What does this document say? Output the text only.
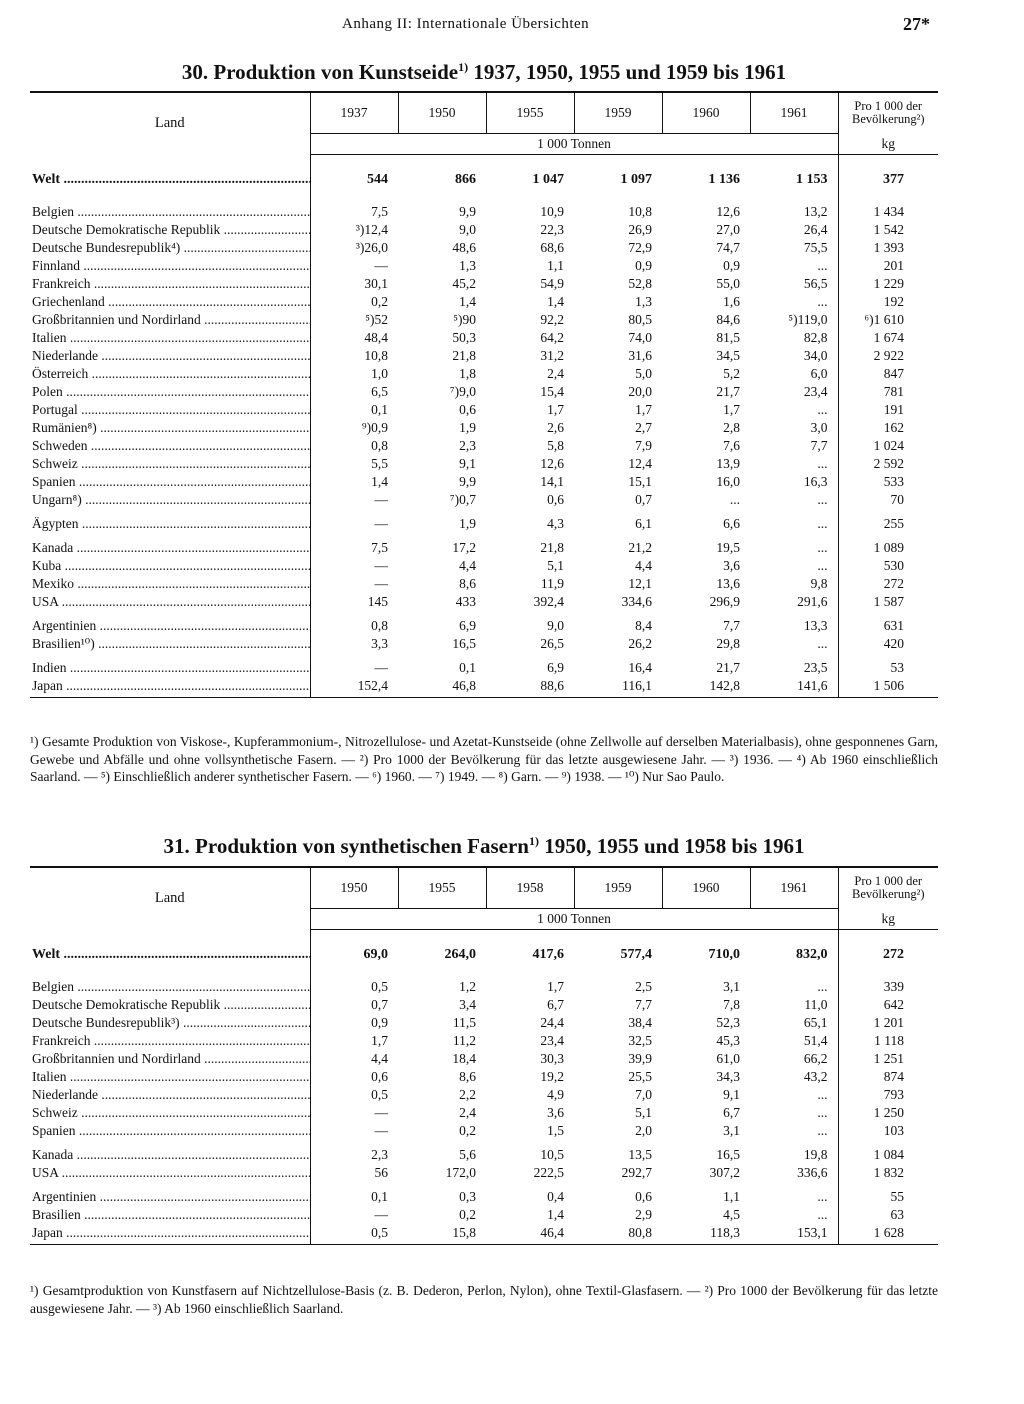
Anhang II: Internationale Übersichten	27*
30. Produktion von Kunstseide$^{1)}$ 1937, 1950, 1955 und 1959 bis 1961
Land	1937	1950	1955	1959	1960	1961	Pro 1 000 der Bevölkerung²)
	1 000 Tonnen						kg
Welt .....	544	866	1 047	1 097	1 136	1 153	377
Belgien .....	7,5	9,9	10,9	10,8	12,6	13,2	1 434
Deutsche Demokratische Republik .....	³)12,4	9,0	22,3	26,9	27,0	26,4	1 542
Deutsche Bundesrepublik⁴) .....	³)26,0	48,6	68,6	72,9	74,7	75,5	1 393
Finnland .....	—	1,3	1,1	0,9	0,9	...	201
Frankreich .....	30,1	45,2	54,9	52,8	55,0	56,5	1 229
Griechenland .....	0,2	1,4	1,4	1,3	1,6	...	192
Großbritannien und Nordirland .....	⁵)52	⁵)90	92,2	80,5	84,6	⁵)119,0	⁶)1 610
Italien .....	48,4	50,3	64,2	74,0	81,5	82,8	1 674
Niederlande .....	10,8	21,8	31,2	31,6	34,5	34,0	2 922
Österreich .....	1,0	1,8	2,4	5,0	5,2	6,0	847
Polen .....	6,5	⁷)9,0	15,4	20,0	21,7	23,4	781
Portugal .....	0,1	0,6	1,7	1,7	1,7	...	191
Rumänien⁸) .....	⁹)0,9	1,9	2,6	2,7	2,8	3,0	162
Schweden .....	0,8	2,3	5,8	7,9	7,6	7,7	1 024
Schweiz .....	5,5	9,1	12,6	12,4	13,9	...	2 592
Spanien .....	1,4	9,9	14,1	15,1	16,0	16,3	533
Ungarn⁸) .....	—	⁷)0,7	0,6	0,7	...	...	70
Ägypten .....	—	1,9	4,3	6,1	6,6	...	255
Kanada .....	7,5	17,2	21,8	21,2	19,5	...	1 089
Kuba .....	—	4,4	5,1	4,4	3,6	...	530
Mexiko .....	—	8,6	11,9	12,1	13,6	9,8	272
USA .....	145	433	392,4	334,6	296,9	291,6	1 587
Argentinien .....	0,8	6,9	9,0	8,4	7,7	13,3	631
Brasilien¹⁰) .....	3,3	16,5	26,5	26,2	29,8	...	420
Indien .....	—	0,1	6,9	16,4	21,7	23,5	53
Japan .....	152,4	46,8	88,6	116,1	142,8	141,6	1 506
¹) Gesamte Produktion von Viskose-, Kupferammonium-, Nitrozellulose- und Azetat-Kunstseide (ohne Zellwolle auf derselben Materialbasis), ohne gesponnenes Garn, Gewebe und Abfälle und ohne vollsynthetische Fasern. — ²) Pro 1000 der Bevölkerung für das letzte ausgewiesene Jahr. — ³) 1936. — ⁴) Ab 1960 einschließlich Saarland. — ⁵) Einschließlich anderer synthetischer Fasern. — ⁶) 1960. — ⁷) 1949. — ⁸) Garn. — ⁹) 1938. — ¹⁰) Nur Sao Paulo.
31. Produktion von synthetischen Fasern$^{1)}$ 1950, 1955 und 1958 bis 1961
Land	1950	1955	1958	1959	1960	1961	Pro 1 000 der Bevölkerung²)
	1 000 Tonnen						kg
Welt .....	69,0	264,0	417,6	577,4	710,0	832,0	272
Belgien .....	0,5	1,2	1,7	2,5	3,1	...	339
Deutsche Demokratische Republik .....	0,7	3,4	6,7	7,7	7,8	11,0	642
Deutsche Bundesrepublik³) .....	0,9	11,5	24,4	38,4	52,3	65,1	1 201
Frankreich .....	1,7	11,2	23,4	32,5	45,3	51,4	1 118
Großbritannien und Nordirland .....	4,4	18,4	30,3	39,9	61,0	66,2	1 251
Italien .....	0,6	8,6	19,2	25,5	34,3	43,2	874
Niederlande .....	0,5	2,2	4,9	7,0	9,1	...	793
Schweiz .....	—	2,4	3,6	5,1	6,7	...	1 250
Spanien .....	—	0,2	1,5	2,0	3,1	...	103
Kanada .....	2,3	5,6	10,5	13,5	16,5	19,8	1 084
USA .....	56	172,0	222,5	292,7	307,2	336,6	1 832
Argentinien .....	0,1	0,3	0,4	0,6	1,1	...	55
Brasilien .....	—	0,2	1,4	2,9	4,5	...	63
Japan .....	0,5	15,8	46,4	80,8	118,3	153,1	1 628
¹) Gesamtproduktion von Kunstfasern auf Nichtzellulose-Basis (z. B. Dederon, Perlon, Nylon), ohne Textil-Glasfasern. — ²) Pro 1000 der Bevölkerung für das letzte ausgewiesene Jahr. — ³) Ab 1960 einschließlich Saarland.
